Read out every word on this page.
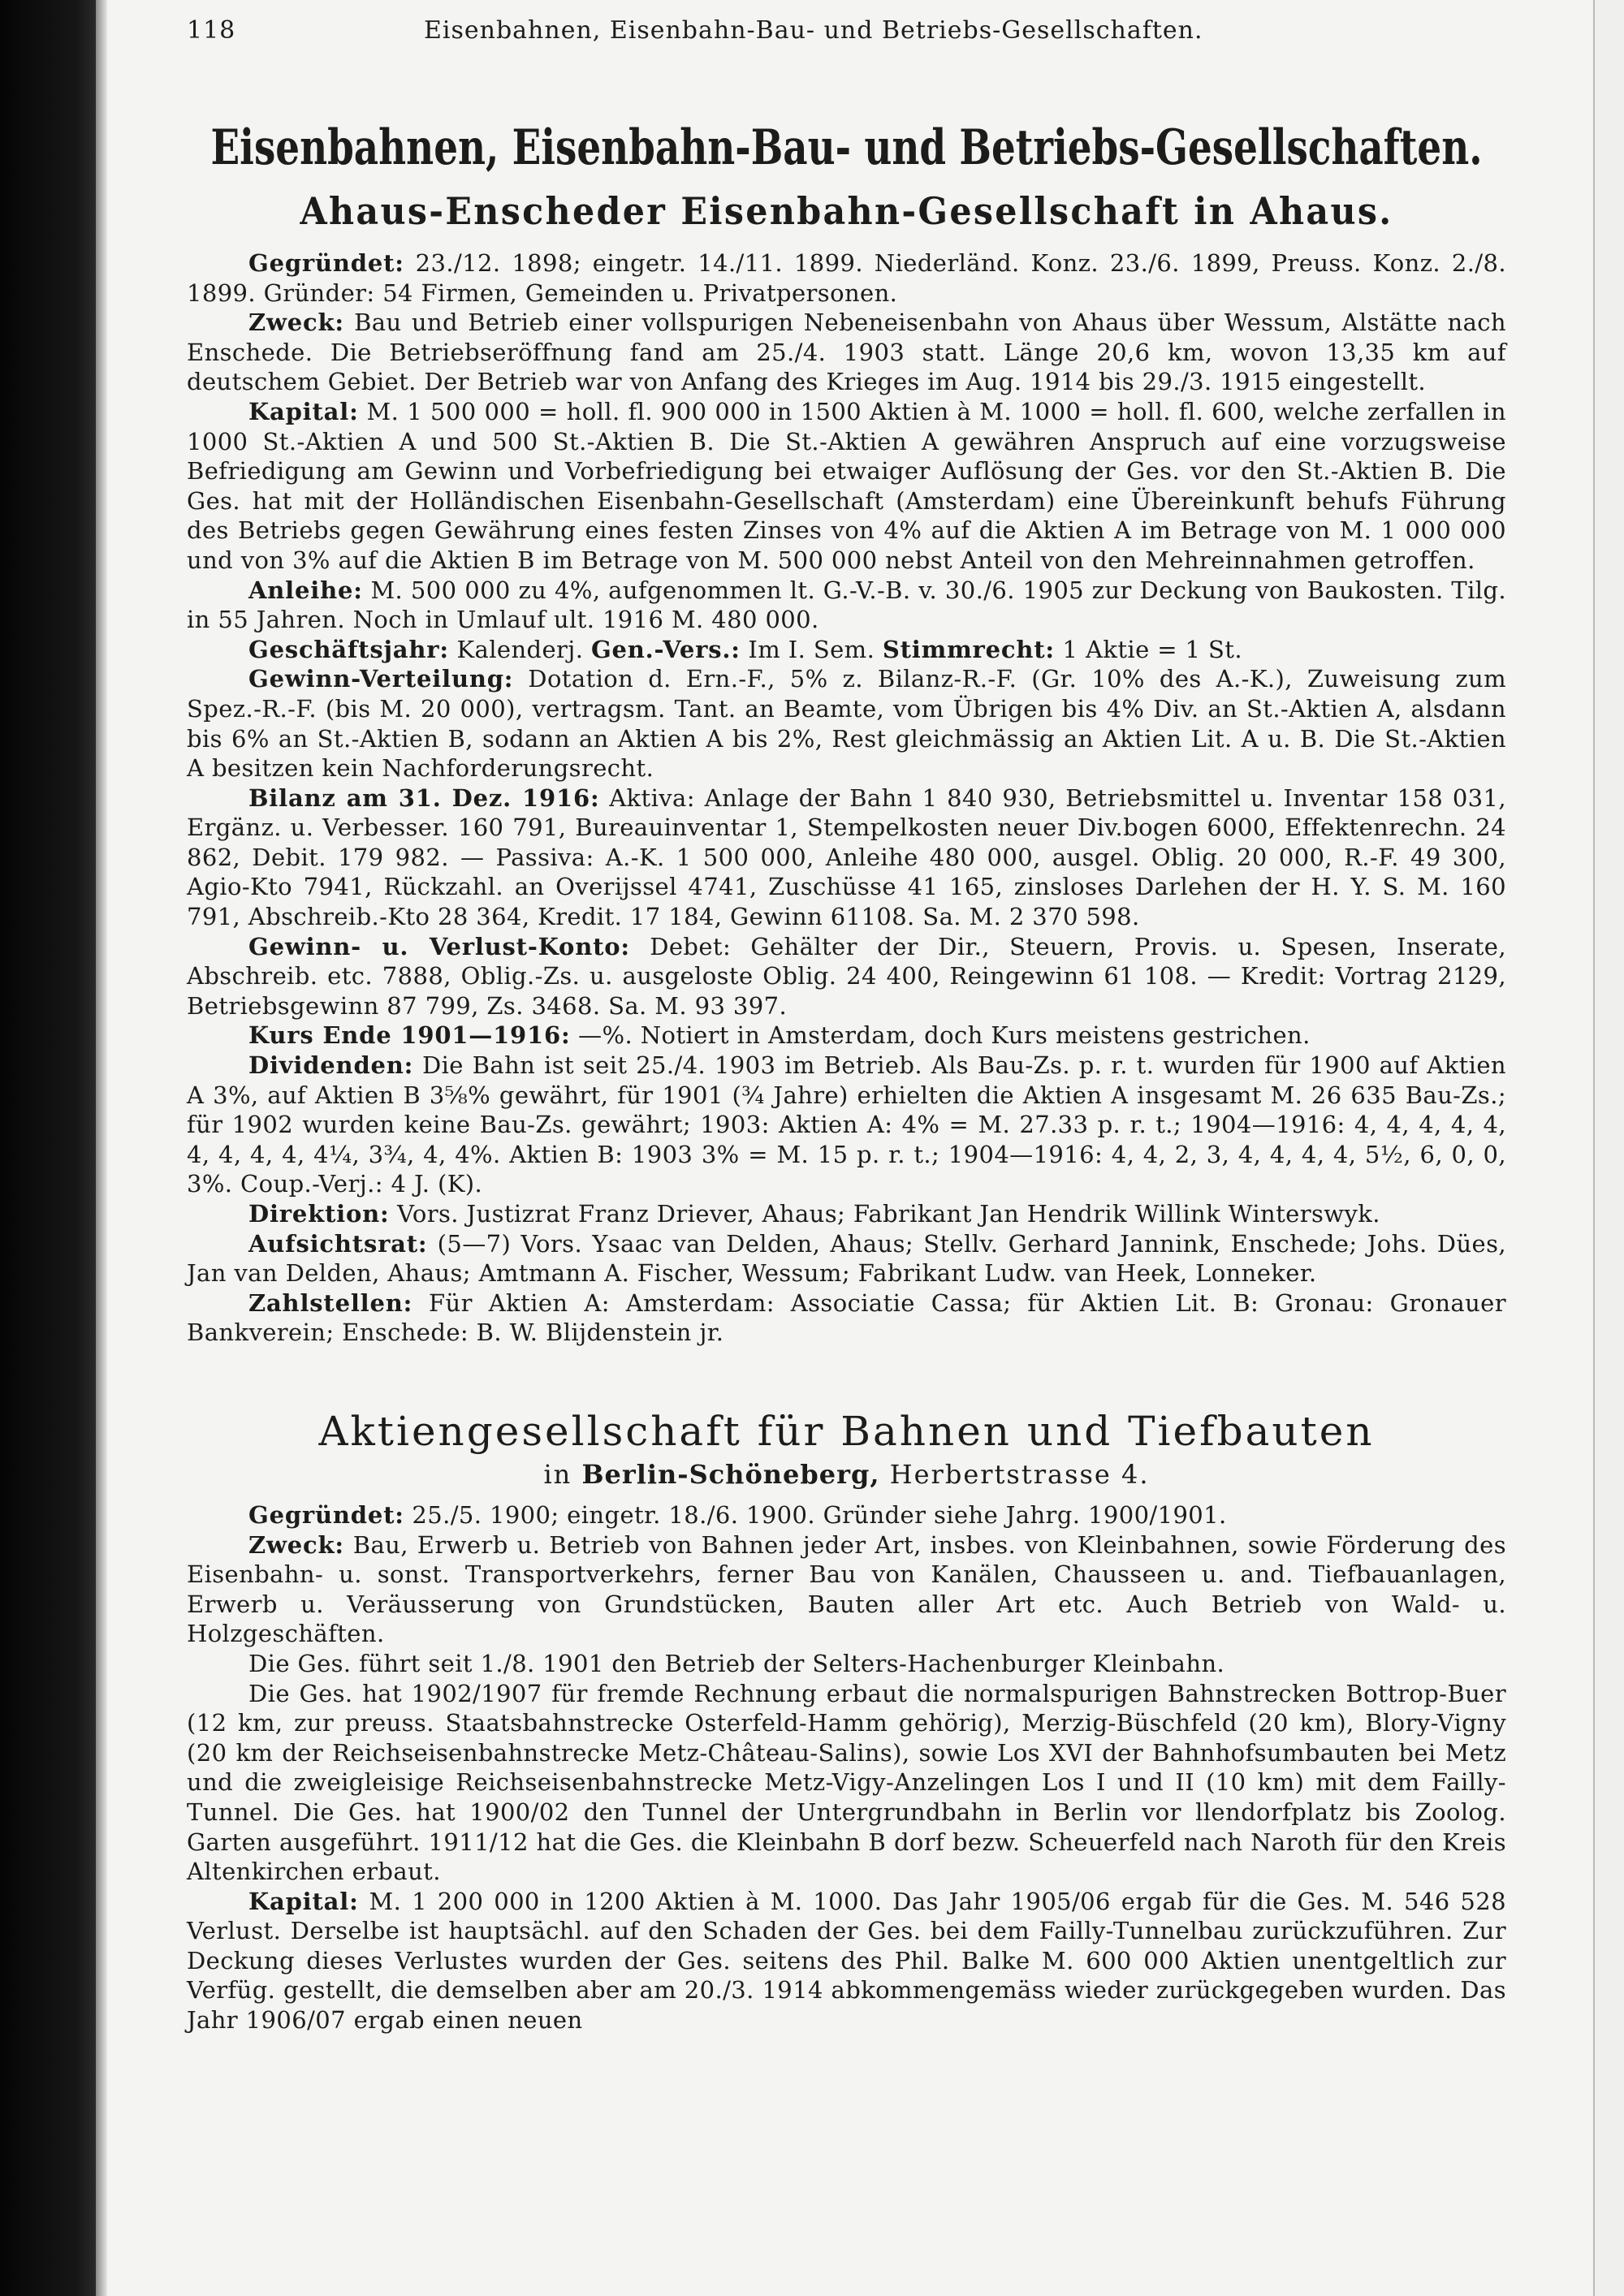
118	Eisenbahnen, Eisenbahn-Bau- und Betriebs-Gesellschaften.
Eisenbahnen, Eisenbahn-Bau- und Betriebs-Gesellschaften.
Ahaus-Enscheder Eisenbahn-Gesellschaft in Ahaus.

Gegründet: 23./12. 1898; eingetr. 14./11. 1899. Niederländ. Konz. 23./6. 1899, Preuss. Konz. 2./8. 1899. Gründer: 54 Firmen, Gemeinden u. Privatpersonen.

Zweck: Bau und Betrieb einer vollspurigen Nebeneisenbahn von Ahaus über Wessum, Alstätte nach Enschede. Die Betriebseröffnung fand am 25./4. 1903 statt. Länge 20,6 km, wovon 13,35 km auf deutschem Gebiet. Der Betrieb war von Anfang des Krieges im Aug. 1914 bis 29./3. 1915 eingestellt.

Kapital: M. 1 500 000 = holl. fl. 900 000 in 1500 Aktien à M. 1000 = holl. fl. 600, welche zerfallen in 1000 St.-Aktien A und 500 St.-Aktien B. Die St.-Aktien A gewähren Anspruch auf eine vorzugsweise Befriedigung am Gewinn und Vorbefriedigung bei etwaiger Auflösung der Ges. vor den St.-Aktien B. Die Ges. hat mit der Holländischen Eisenbahn-Gesellschaft (Amsterdam) eine Übereinkunft behufs Führung des Betriebs gegen Gewährung eines festen Zinses von 4% auf die Aktien A im Betrage von M. 1 000 000 und von 3% auf die Aktien B im Betrage von M. 500 000 nebst Anteil von den Mehreinnahmen getroffen.

Anleihe: M. 500 000 zu 4%, aufgenommen lt. G.-V.-B. v. 30./6. 1905 zur Deckung von Baukosten. Tilg. in 55 Jahren. Noch in Umlauf ult. 1916 M. 480 000.

Geschäftsjahr: Kalenderj. Gen.-Vers.: Im I. Sem. Stimmrecht: 1 Aktie = 1 St.

Gewinn-Verteilung: Dotation d. Ern.-F., 5% z. Bilanz-R.-F. (Gr. 10% des A.-K.), Zuweisung zum Spez.-R.-F. (bis M. 20 000), vertragsm. Tant. an Beamte, vom Übrigen bis 4% Div. an St.-Aktien A, alsdann bis 6% an St.-Aktien B, sodann an Aktien A bis 2%, Rest gleichmässig an Aktien Lit. A u. B. Die St.-Aktien A besitzen kein Nachforderungsrecht.

Bilanz am 31. Dez. 1916: Aktiva: Anlage der Bahn 1 840 930, Betriebsmittel u. Inventar 158 031, Ergänz. u. Verbesser. 160 791, Bureauinventar 1, Stempelkosten neuer Div.bogen 6000, Effektenrechn. 24 862, Debit. 179 982. — Passiva: A.-K. 1 500 000, Anleihe 480 000, ausgel. Oblig. 20 000, R.-F. 49 300, Agio-Kto 7941, Rückzahl. an Overijssel 4741, Zuschüsse 41 165, zinsloses Darlehen der H. Y. S. M. 160 791, Abschreib.-Kto 28 364, Kredit. 17 184, Gewinn 61108. Sa. M. 2 370 598.

Gewinn- u. Verlust-Konto: Debet: Gehälter der Dir., Steuern, Provis. u. Spesen, Inserate, Abschreib. etc. 7888, Oblig.-Zs. u. ausgeloste Oblig. 24 400, Reingewinn 61 108. — Kredit: Vortrag 2129, Betriebsgewinn 87 799, Zs. 3468. Sa. M. 93 397.

Kurs Ende 1901—1916: —%. Notiert in Amsterdam, doch Kurs meistens gestrichen.

Dividenden: Die Bahn ist seit 25./4. 1903 im Betrieb. Als Bau-Zs. p. r. t. wurden für 1900 auf Aktien A 3%, auf Aktien B 3⅝% gewährt, für 1901 (¾ Jahre) erhielten die Aktien A insgesamt M. 26 635 Bau-Zs.; für 1902 wurden keine Bau-Zs. gewährt; 1903: Aktien A: 4% = M. 27.33 p. r. t.; 1904—1916: 4, 4, 4, 4, 4, 4, 4, 4, 4, 4¼, 3¾, 4, 4%. Aktien B: 1903 3% = M. 15 p. r. t.; 1904—1916: 4, 4, 2, 3, 4, 4, 4, 4, 5½, 6, 0, 0, 3%. Coup.-Verj.: 4 J. (K).

Direktion: Vors. Justizrat Franz Driever, Ahaus; Fabrikant Jan Hendrik Willink Winterswyk.

Aufsichtsrat: (5—7) Vors. Ysaac van Delden, Ahaus; Stellv. Gerhard Jannink, Enschede; Johs. Dües, Jan van Delden, Ahaus; Amtmann A. Fischer, Wessum; Fabrikant Ludw. van Heek, Lonneker.

Zahlstellen: Für Aktien A: Amsterdam: Associatie Cassa; für Aktien Lit. B: Gronau: Gronauer Bankverein; Enschede: B. W. Blijdenstein jr.

Aktiengesellschaft für Bahnen und Tiefbauten
in Berlin-Schöneberg, Herbertstrasse 4.

Gegründet: 25./5. 1900; eingetr. 18./6. 1900. Gründer siehe Jahrg. 1900/1901.

Zweck: Bau, Erwerb u. Betrieb von Bahnen jeder Art, insbes. von Kleinbahnen, sowie Förderung des Eisenbahn- u. sonst. Transportverkehrs, ferner Bau von Kanälen, Chausseen u. and. Tiefbauanlagen, Erwerb u. Veräusserung von Grundstücken, Bauten aller Art etc. Auch Betrieb von Wald- u. Holzgeschäften.

Die Ges. führt seit 1./8. 1901 den Betrieb der Selters-Hachenburger Kleinbahn.

Die Ges. hat 1902/1907 für fremde Rechnung erbaut die normalspurigen Bahnstrecken Bottrop-Buer (12 km, zur preuss. Staatsbahnstrecke Osterfeld-Hamm gehörig), Merzig-Büschfeld (20 km), Blory-Vigny (20 km der Reichseisenbahnstrecke Metz-Château-Salins), sowie Los XVI der Bahnhofsumbauten bei Metz und die zweigleisige Reichseisenbahnstrecke Metz-Vigy-Anzelingen Los I und II (10 km) mit dem Failly-Tunnel. Die Ges. hat 1900/02 den Tunnel der Untergrundbahn in Berlin vor llendorfplatz bis Zoolog. Garten ausgeführt. 1911/12 hat die Ges. die Kleinbahn B dorf bezw. Scheuerfeld nach Naroth für den Kreis Altenkirchen erbaut.

Kapital: M. 1 200 000 in 1200 Aktien à M. 1000. Das Jahr 1905/06 ergab für die Ges. M. 546 528 Verlust. Derselbe ist hauptsächl. auf den Schaden der Ges. bei dem Failly-Tunnelbau zurückzuführen. Zur Deckung dieses Verlustes wurden der Ges. seitens des Phil. Balke M. 600 000 Aktien unentgeltlich zur Verfüg. gestellt, die demselben aber am 20./3. 1914 abkommengemäss wieder zurückgegeben wurden. Das Jahr 1906/07 ergab einen neuen
